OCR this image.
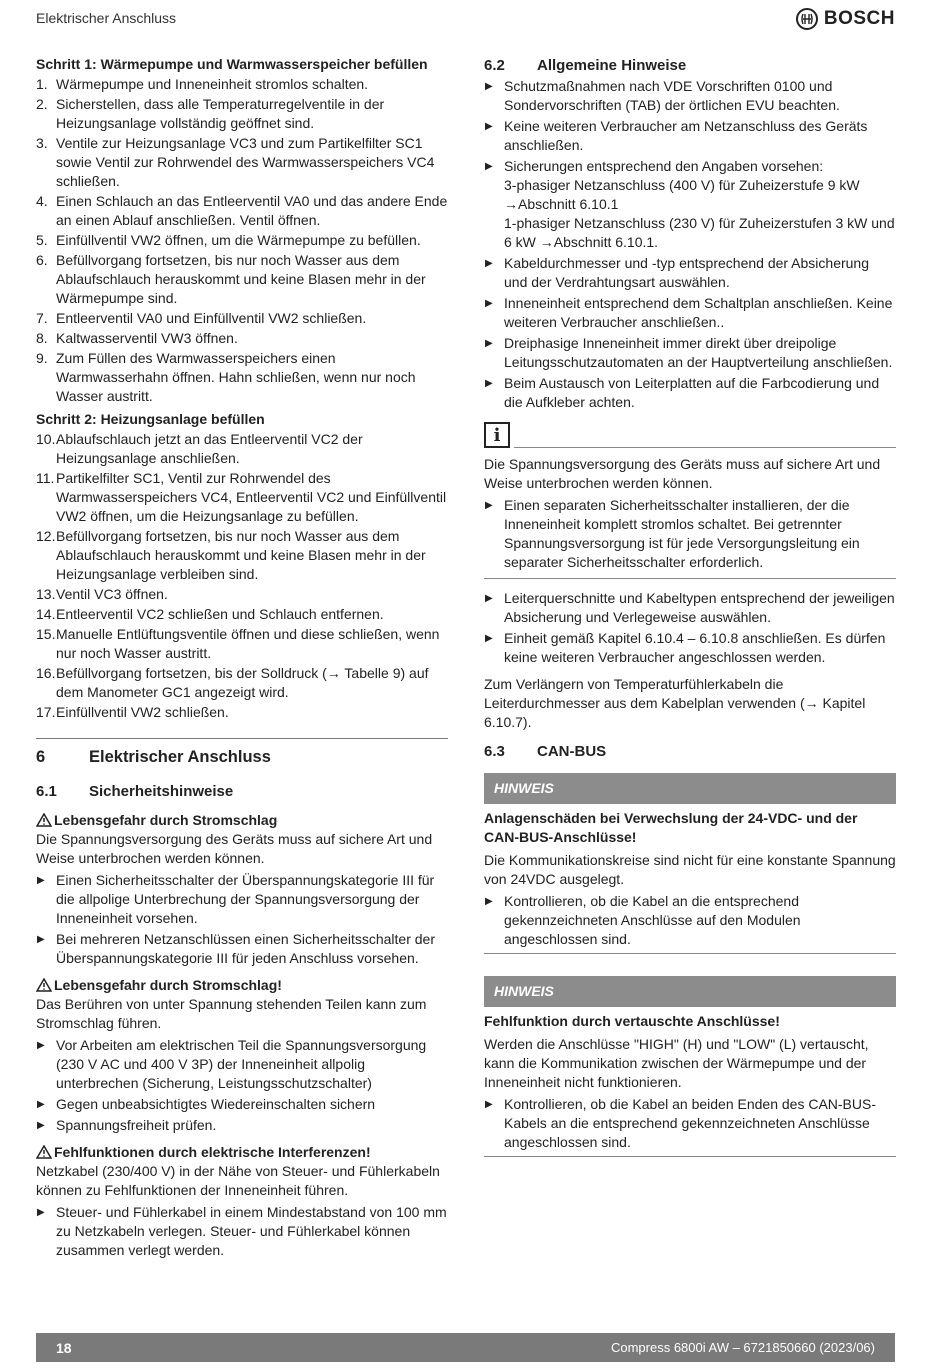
Elektrischer Anschluss	BOSCH
Schritt 1: Wärmepumpe und Warmwasserspeicher befüllen
1. Wärmepumpe und Inneneinheit stromlos schalten.
2. Sicherstellen, dass alle Temperaturregelventile in der Heizungsanlage vollständig geöffnet sind.
3. Ventile zur Heizungsanlage VC3 und zum Partikelfilter SC1 sowie Ventil zur Rohrwendel des Warmwasserspeichers VC4 schließen.
4. Einen Schlauch an das Entleerventil VA0 und das andere Ende an einen Ablauf anschließen. Ventil öffnen.
5. Einfüllventil VW2 öffnen, um die Wärmepumpe zu befüllen.
6. Befüllvorgang fortsetzen, bis nur noch Wasser aus dem Ablaufschlauch herauskommt und keine Blasen mehr in der Wärmepumpe sind.
7. Entleerventil VA0 und Einfüllventil VW2 schließen.
8. Kaltwasserventil VW3 öffnen.
9. Zum Füllen des Warmwasserspeichers einen Warmwasserhahn öffnen. Hahn schließen, wenn nur noch Wasser austritt.
Schritt 2: Heizungsanlage befüllen
10. Ablaufschlauch jetzt an das Entleerventil VC2 der Heizungsanlage anschließen.
11. Partikelfilter SC1, Ventil zur Rohrwendel des Warmwasserspeichers VC4, Entleerventil VC2 und Einfüllventil VW2 öffnen, um die Heizungsanlage zu befüllen.
12. Befüllvorgang fortsetzen, bis nur noch Wasser aus dem Ablaufschlauch herauskommt und keine Blasen mehr in der Heizungsanlage verbleiben sind.
13. Ventil VC3 öffnen.
14. Entleerventil VC2 schließen und Schlauch entfernen.
15. Manuelle Entlüftungsventile öffnen und diese schließen, wenn nur noch Wasser austritt.
16. Befüllvorgang fortsetzen, bis der Solldruck (→ Tabelle 9) auf dem Manometer GC1 angezeigt wird.
17. Einfüllventil VW2 schließen.
6	Elektrischer Anschluss
6.1	Sicherheitshinweise
Lebensgefahr durch Stromschlag

Die Spannungsversorgung des Geräts muss auf sichere Art und Weise unterbrochen werden können.

▶ Einen Sicherheitsschalter der Überspannungskategorie III für die allpolige Unterbrechung der Spannungsversorgung der Inneneinheit vorsehen.
▶ Bei mehreren Netzanschlüssen einen Sicherheitsschalter der Überspannungskategorie III für jeden Anschluss vorsehen.
Lebensgefahr durch Stromschlag!

Das Berühren von unter Spannung stehenden Teilen kann zum Stromschlag führen.

▶ Vor Arbeiten am elektrischen Teil die Spannungsversorgung (230 V AC und 400 V 3P) der Inneneinheit allpolig unterbrechen (Sicherung, Leistungsschutzschalter)
▶ Gegen unbeabsichtigtes Wiedereinschalten sichern
▶ Spannungsfreiheit prüfen.
Fehlfunktionen durch elektrische Interferenzen!

Netzkabel (230/400 V) in der Nähe von Steuer- und Fühlerkabeln können zu Fehlfunktionen der Inneneinheit führen.

▶ Steuer- und Fühlerkabel in einem Mindestabstand von 100 mm zu Netzkabeln verlegen. Steuer- und Fühlerkabel können zusammen verlegt werden.
6.2	Allgemeine Hinweise
▶ Schutzmaßnahmen nach VDE Vorschriften 0100 und Sondervorschriften (TAB) der örtlichen EVU beachten.
▶ Keine weiteren Verbraucher am Netzanschluss des Geräts anschließen.
▶ Sicherungen entsprechend den Angaben vorsehen:
3-phasiger Netzanschluss (400 V) für Zuheizerstufe 9 kW →Abschnitt 6.10.1
1-phasiger Netzanschluss (230 V) für Zuheizerstufen 3 kW und 6 kW →Abschnitt 6.10.1.
▶ Kabeldurchmesser und -typ entsprechend der Absicherung und der Verdrahtungsart auswählen.
▶ Inneneinheit entsprechend dem Schaltplan anschließen. Keine weiteren Verbraucher anschließen..
▶ Dreiphasige Inneneinheit immer direkt über dreipolige Leitungsschutzautomaten an der Hauptverteilung anschließen.
▶ Beim Austausch von Leiterplatten auf die Farbcodierung und die Aufkleber achten.
i

Die Spannungsversorgung des Geräts muss auf sichere Art und Weise unterbrochen werden können.

▶ Einen separaten Sicherheitsschalter installieren, der die Inneneinheit komplett stromlos schaltet. Bei getrennter Spannungsversorgung ist für jede Versorgungsleitung ein separater Sicherheitsschalter erforderlich.
▶ Leiterquerschnitte und Kabeltypen entsprechend der jeweiligen Absicherung und Verlegeweise auswählen.
▶ Einheit gemäß Kapitel 6.10.4 – 6.10.8 anschließen. Es dürfen keine weiteren Verbraucher angeschlossen werden.

Zum Verlängern von Temperaturfühlerkabeln die Leiterdurchmesser aus dem Kabelplan verwenden (→ Kapitel 6.10.7).

6.3	CAN-BUS
HINWEIS
Anlagenschäden bei Verwechslung der 24-VDC- und der CAN-BUS-Anschlüsse!

Die Kommunikationskreise sind nicht für eine konstante Spannung von 24VDC ausgelegt.

▶ Kontrollieren, ob die Kabel an die entsprechend gekennzeichneten Anschlüsse auf den Modulen angeschlossen sind.
HINWEIS
Fehlfunktion durch vertauschte Anschlüsse!

Werden die Anschlüsse "HIGH" (H) und "LOW" (L) vertauscht, kann die Kommunikation zwischen der Wärmepumpe und der Inneneinheit nicht funktionieren.

▶ Kontrollieren, ob die Kabel an beiden Enden des CAN-BUS-Kabels an die entsprechend gekennzeichneten Anschlüsse angeschlossen sind.
18	Compress 6800i AW – 6721850660 (2023/06)
